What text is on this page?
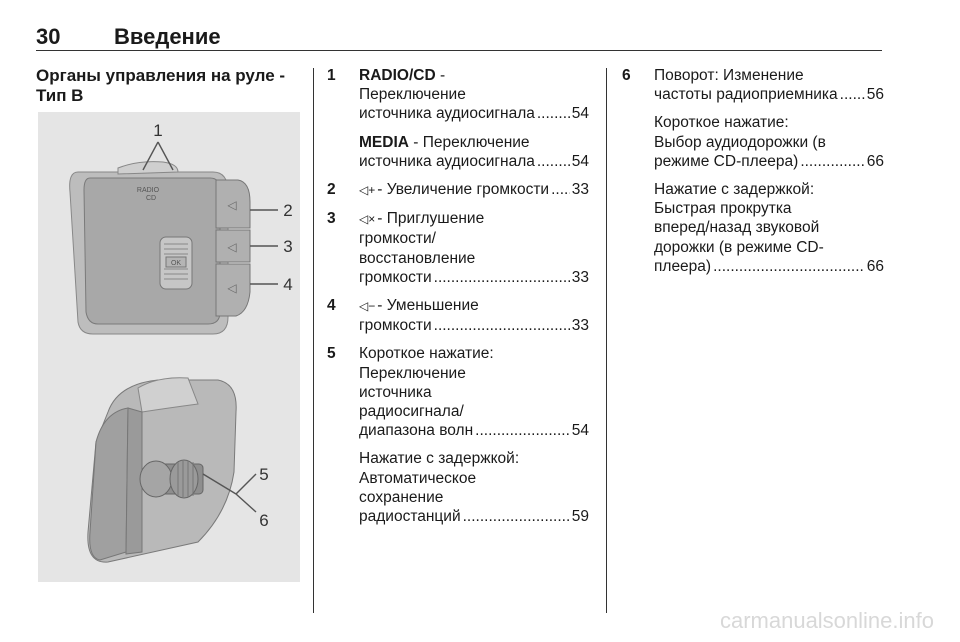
30 Введение
Органы управления на руле - Тип B
RADIO
CD
OK
◁
◁
◁
1
2
3
4
5
6
1 RADIO/CD -
Переключение
источника аудиосигнала ..... 54
MEDIA - Переключение
источника аудиосигнала ..... 54
2 ◁+ - Увеличение громкости ..... 33
3 ◁× - Приглушение
громкости/
восстановление
громкости .....	33
4 ◁− - Уменьшение
громкости .....	33
5 Короткое нажатие:
Переключение
источника
радиосигнала/
диапазона волн .....	54
Нажатие с задержкой:
Автоматическое
сохранение
радиостанций .....	59
6 Поворот: Изменение
частоты радиоприемника ..... 56
Короткое нажатие:
Выбор аудиодорожки (в
режиме CD-плеера) .....	66
Нажатие с задержкой:
Быстрая прокрутка
вперед/назад звуковой
дорожки (в режиме CD-
плеера) .....	66
carmanualsonline.info
